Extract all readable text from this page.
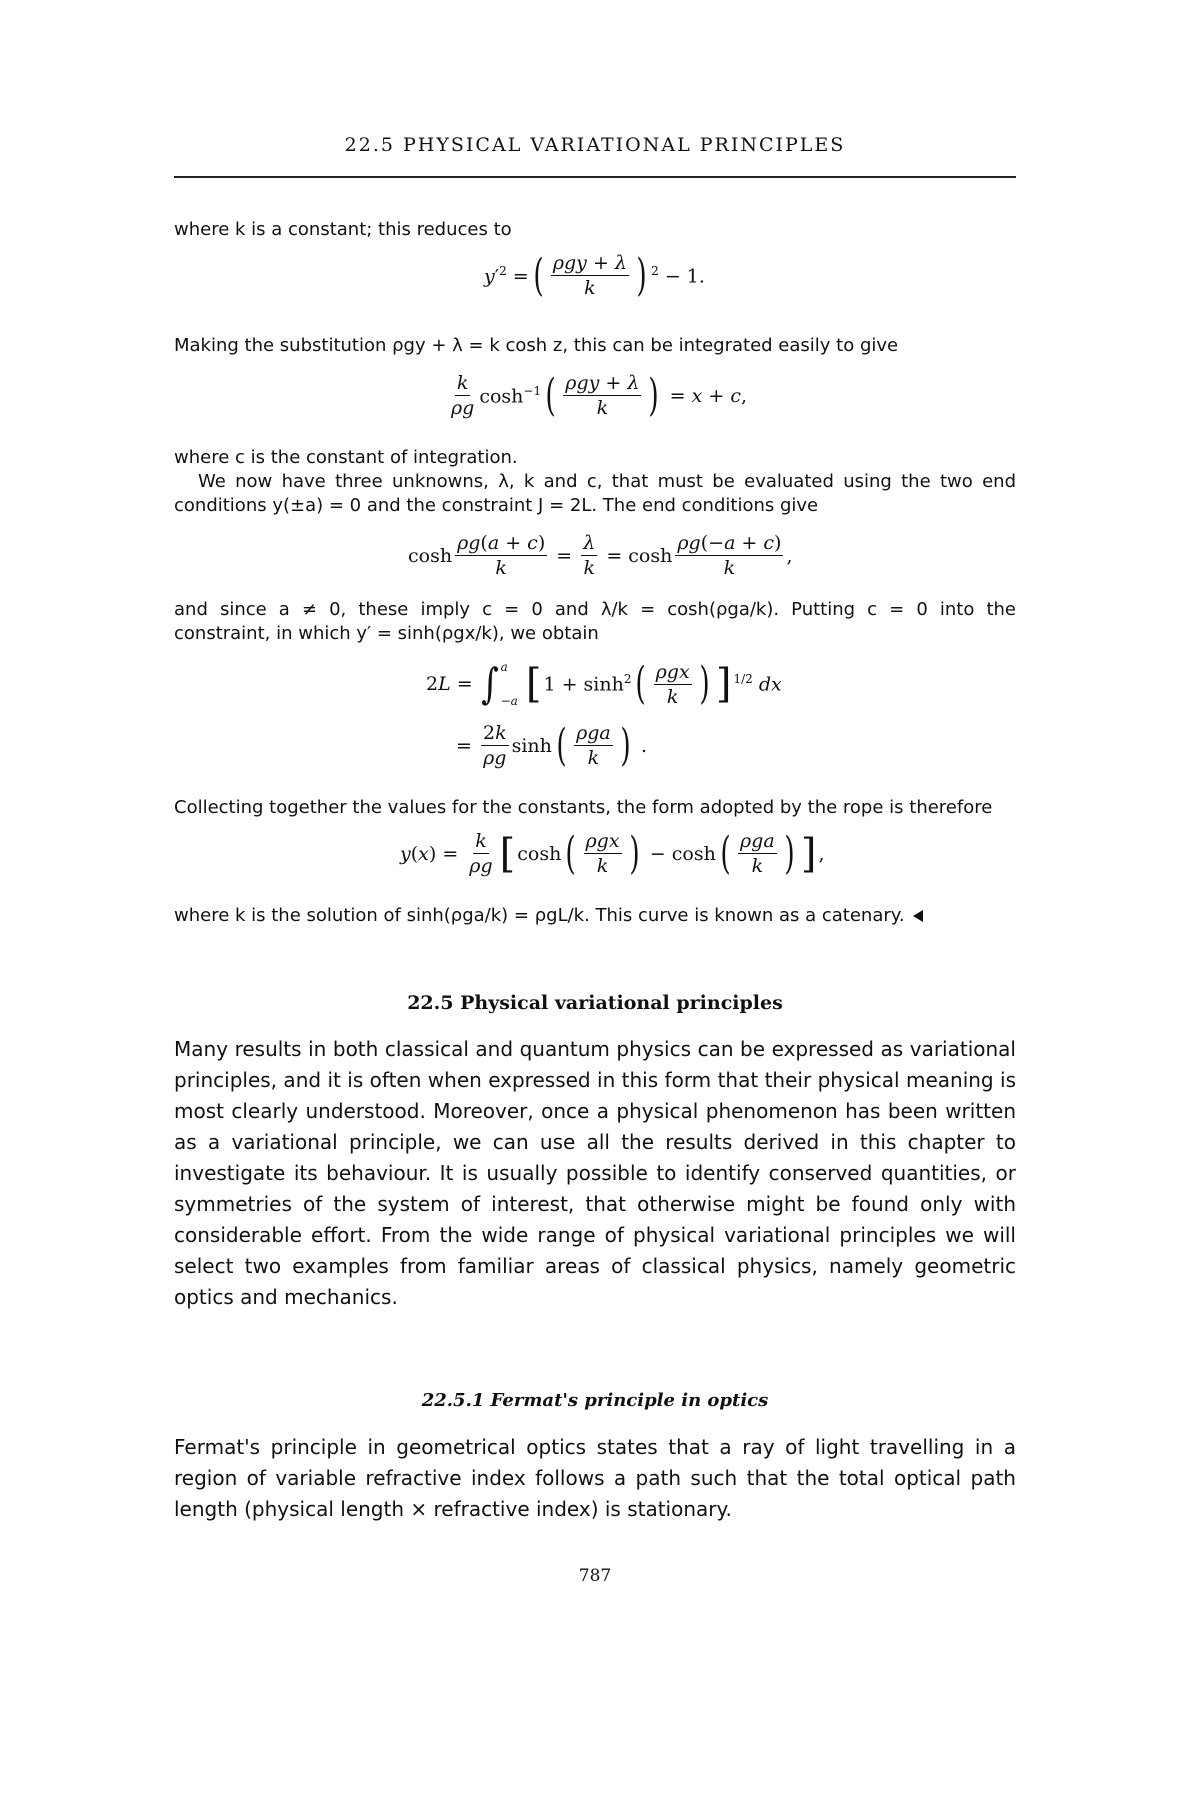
22.5 PHYSICAL VARIATIONAL PRINCIPLES
where k is a constant; this reduces to
$y'^2$ = ( $\frac{\text{ρgy + λ}}{k}$ ) $^2$ − 1.
Making the substitution ρgy + λ = k cosh z, this can be integrated easily to give
$\frac{k}{\rho g} \cosh^{-1}$ ( $\frac{\text{ρgy + λ}}{k}$ ) = x + c,
where c is the constant of integration.
We now have three unknowns, λ, k and c, that must be evaluated using the two end
conditions y(±a) = 0 and the constraint J = 2L. The end conditions give
$\cosh \frac{\rho g(a + c)}{k} = \frac{\lambda}{k} = \cosh \frac{\rho g(-a + c)}{k}$ ,
and since a ≠ 0, these imply c = 0 and λ/k = cosh(ρga/k). Putting c = 0 into the
constraint, in which y′ = sinh(ρgx/k), we obtain
2L = ∫ a
−a [ $1 + \sinh^2$ ( $\frac{\text{ρgx}}{k}$ ) ] $^{1/2}$ dx
= $\frac{2k}{\rho g}$ sinh ( $\frac{\text{ρga}}{k}$ ) .
Collecting together the values for the constants, the form adopted by the rope is therefore
$y(x) = \frac{k}{\rho g}$ [ cosh ( $\frac{\text{ρgx}}{k}$ ) − cosh ( $\frac{\text{ρga}}{k}$ ) ] ,
where k is the solution of sinh(ρga/k) = ρgL/k. This curve is known as a catenary.
22.5 Physical variational principles
Many results in both classical and quantum physics can be expressed as variational principles, and it is often when expressed in this form that their physical meaning is most clearly understood. Moreover, once a physical phenomenon has been written as a variational principle, we can use all the results derived in this chapter to investigate its behaviour. It is usually possible to identify conserved quantities, or symmetries of the system of interest, that otherwise might be found only with considerable effort. From the wide range of physical variational principles we will select two examples from familiar areas of classical physics, namely geometric optics and mechanics.
22.5.1 Fermat's principle in optics
Fermat's principle in geometrical optics states that a ray of light travelling in a region of variable refractive index follows a path such that the total optical path length (physical length × refractive index) is stationary.
787
